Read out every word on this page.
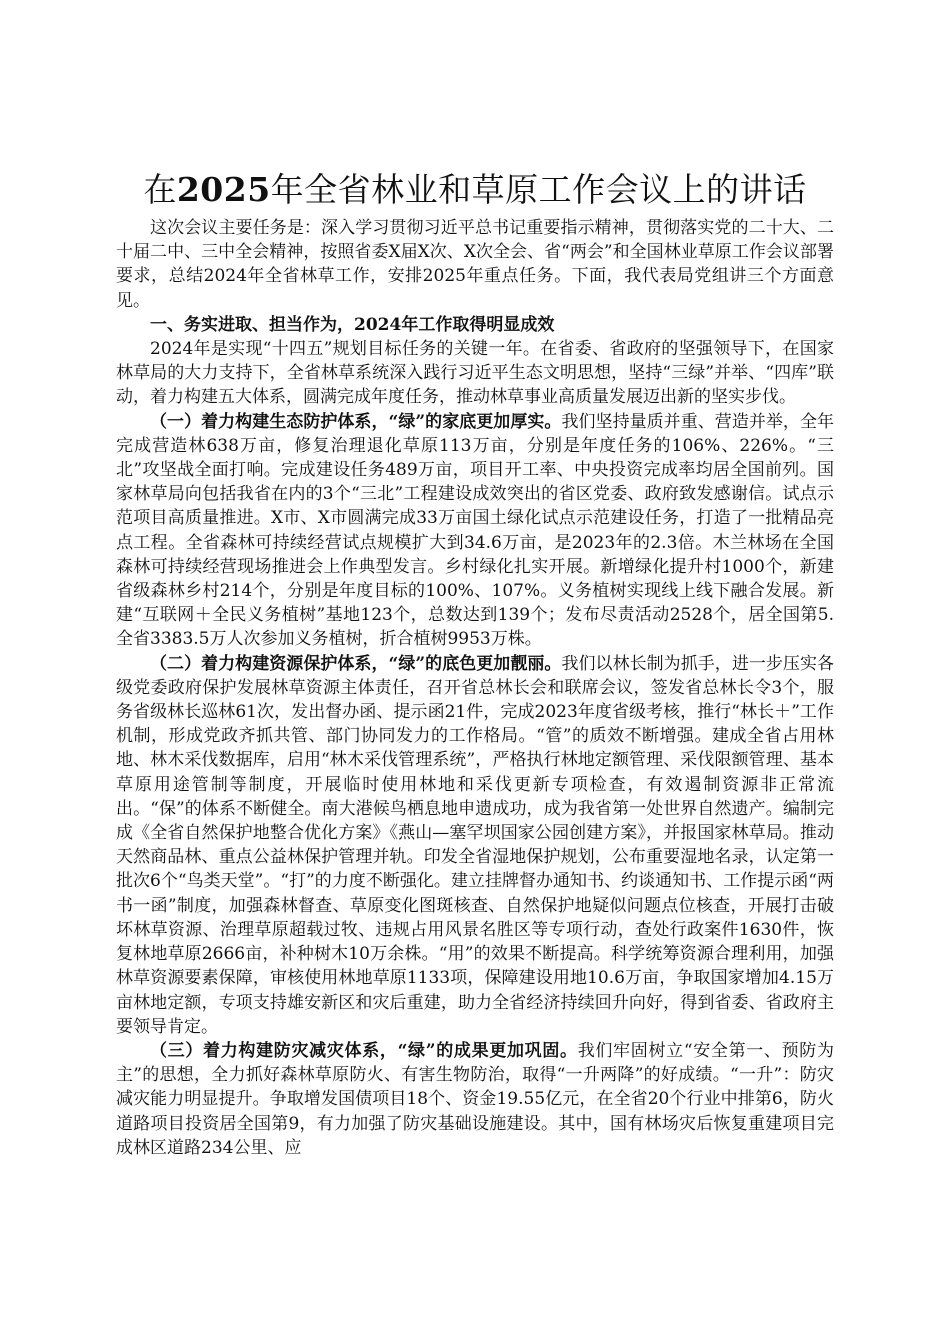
在2025年全省林业和草原工作会议上的讲话

这次会议主要任务是：深入学习贯彻习近平总书记重要指示精神，贯彻落实党的二十大、二十届二中、三中全会精神，按照省委X届X次、X次全会、省“两会”和全国林业草原工作会议部署要求，总结2024年全省林草工作，安排2025年重点任务。下面，我代表局党组讲三个方面意见。

一、务实进取、担当作为，2024年工作取得明显成效

2024年是实现“十四五”规划目标任务的关键一年。在省委、省政府的坚强领导下，在国家林草局的大力支持下，全省林草系统深入践行习近平生态文明思想，坚持“三绿”并举、“四库”联动，着力构建五大体系，圆满完成年度任务，推动林草事业高质量发展迈出新的坚实步伐。

（一）着力构建生态防护体系，“绿”的家底更加厚实。我们坚持量质并重、营造并举，全年完成营造林638万亩，修复治理退化草原113万亩，分别是年度任务的106%、226%。“三北”攻坚战全面打响。完成建设任务489万亩，项目开工率、中央投资完成率均居全国前列。国家林草局向包括我省在内的3个“三北”工程建设成效突出的省区党委、政府致发感谢信。试点示范项目高质量推进。X市、X市圆满完成33万亩国土绿化试点示范建设任务，打造了一批精品亮点工程。全省森林可持续经营试点规模扩大到34.6万亩，是2023年的2.3倍。木兰林场在全国森林可持续经营现场推进会上作典型发言。乡村绿化扎实开展。新增绿化提升村1000个，新建省级森林乡村214个，分别是年度目标的100%、107%。义务植树实现线上线下融合发展。新建“互联网＋全民义务植树”基地123个，总数达到139个；发布尽责活动2528个，居全国第5.全省3383.5万人次参加义务植树，折合植树9953万株。

（二）着力构建资源保护体系，“绿”的底色更加靓丽。我们以林长制为抓手，进一步压实各级党委政府保护发展林草资源主体责任，召开省总林长会和联席会议，签发省总林长令3个，服务省级林长巡林61次，发出督办函、提示函21件，完成2023年度省级考核，推行“林长＋”工作机制，形成党政齐抓共管、部门协同发力的工作格局。“管”的质效不断增强。建成全省占用林地、林木采伐数据库，启用“林木采伐管理系统”，严格执行林地定额管理、采伐限额管理、基本草原用途管制等制度，开展临时使用林地和采伐更新专项检查，有效遏制资源非正常流出。“保”的体系不断健全。南大港候鸟栖息地申遗成功，成为我省第一处世界自然遗产。编制完成《全省自然保护地整合优化方案》《燕山—塞罕坝国家公园创建方案》，并报国家林草局。推动天然商品林、重点公益林保护管理并轨。印发全省湿地保护规划，公布重要湿地名录，认定第一批次6个“鸟类天堂”。“打”的力度不断强化。建立挂牌督办通知书、约谈通知书、工作提示函“两书一函”制度，加强森林督查、草原变化图斑核查、自然保护地疑似问题点位核查，开展打击破坏林草资源、治理草原超载过牧、违规占用风景名胜区等专项行动，查处行政案件1630件，恢复林地草原2666亩，补种树木10万余株。“用”的效果不断提高。科学统筹资源合理利用，加强林草资源要素保障，审核使用林地草原1133项，保障建设用地10.6万亩，争取国家增加4.15万亩林地定额，专项支持雄安新区和灾后重建，助力全省经济持续回升向好，得到省委、省政府主要领导肯定。

（三）着力构建防灾减灾体系，“绿”的成果更加巩固。我们牢固树立“安全第一、预防为主”的思想，全力抓好森林草原防火、有害生物防治，取得“一升两降”的好成绩。“一升”：防灾减灾能力明显提升。争取增发国债项目18个、资金19.55亿元，在全省20个行业中排第6，防火道路项目投资居全国第9，有力加强了防灾基础设施建设。其中，国有林场灾后恢复重建项目完成林区道路234公里、应
